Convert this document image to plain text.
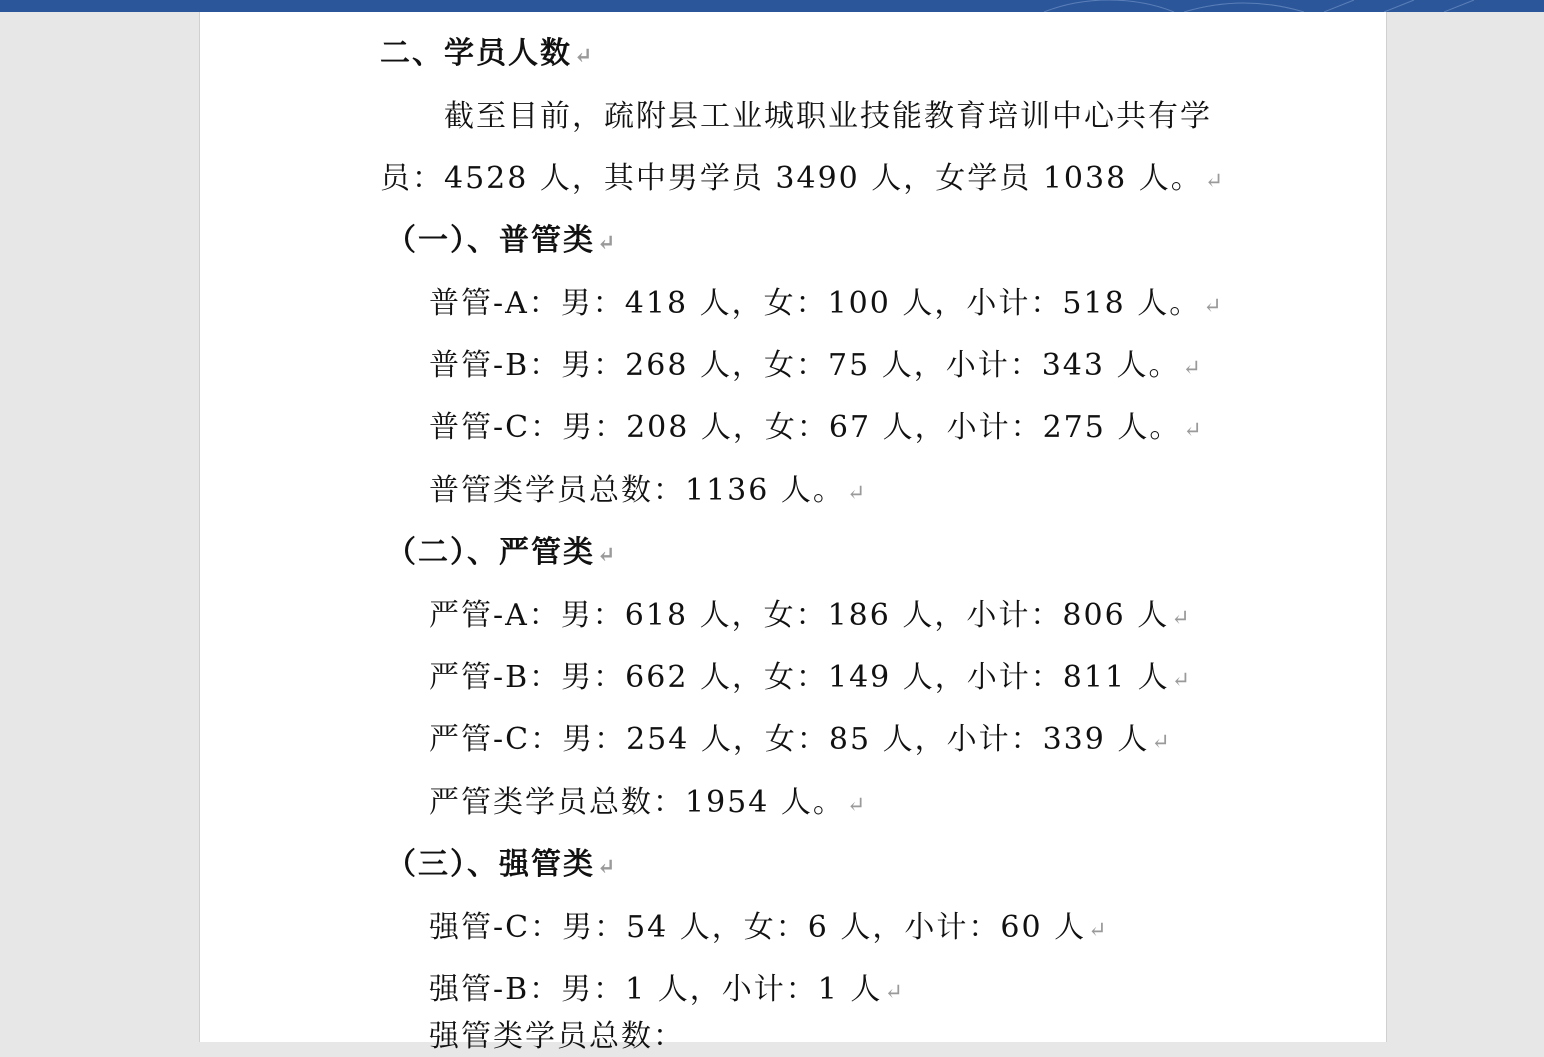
二、学员人数↵
截至目前，疏附县工业城职业技能教育培训中心共有学
员：4528 人，其中男学员 3490 人，女学员 1038 人。↵
（一）、普管类↵
普管-A：男：418 人，女：100 人，小计：518 人。↵
普管-B：男：268 人，女：75 人，小计：343 人。↵
普管-C：男：208 人，女：67 人，小计：275 人。↵
普管类学员总数：1136 人。↵
（二）、严管类↵
严管-A：男：618 人，女：186 人，小计：806 人↵
严管-B：男：662 人，女：149 人，小计：811 人↵
严管-C：男：254 人，女：85 人，小计：339 人↵
严管类学员总数：1954 人。↵
（三）、强管类↵
强管-C：男：54 人，女：6 人，小计：60 人↵
强管-B：男：1 人，小计：1 人↵
强管类学员总数：
